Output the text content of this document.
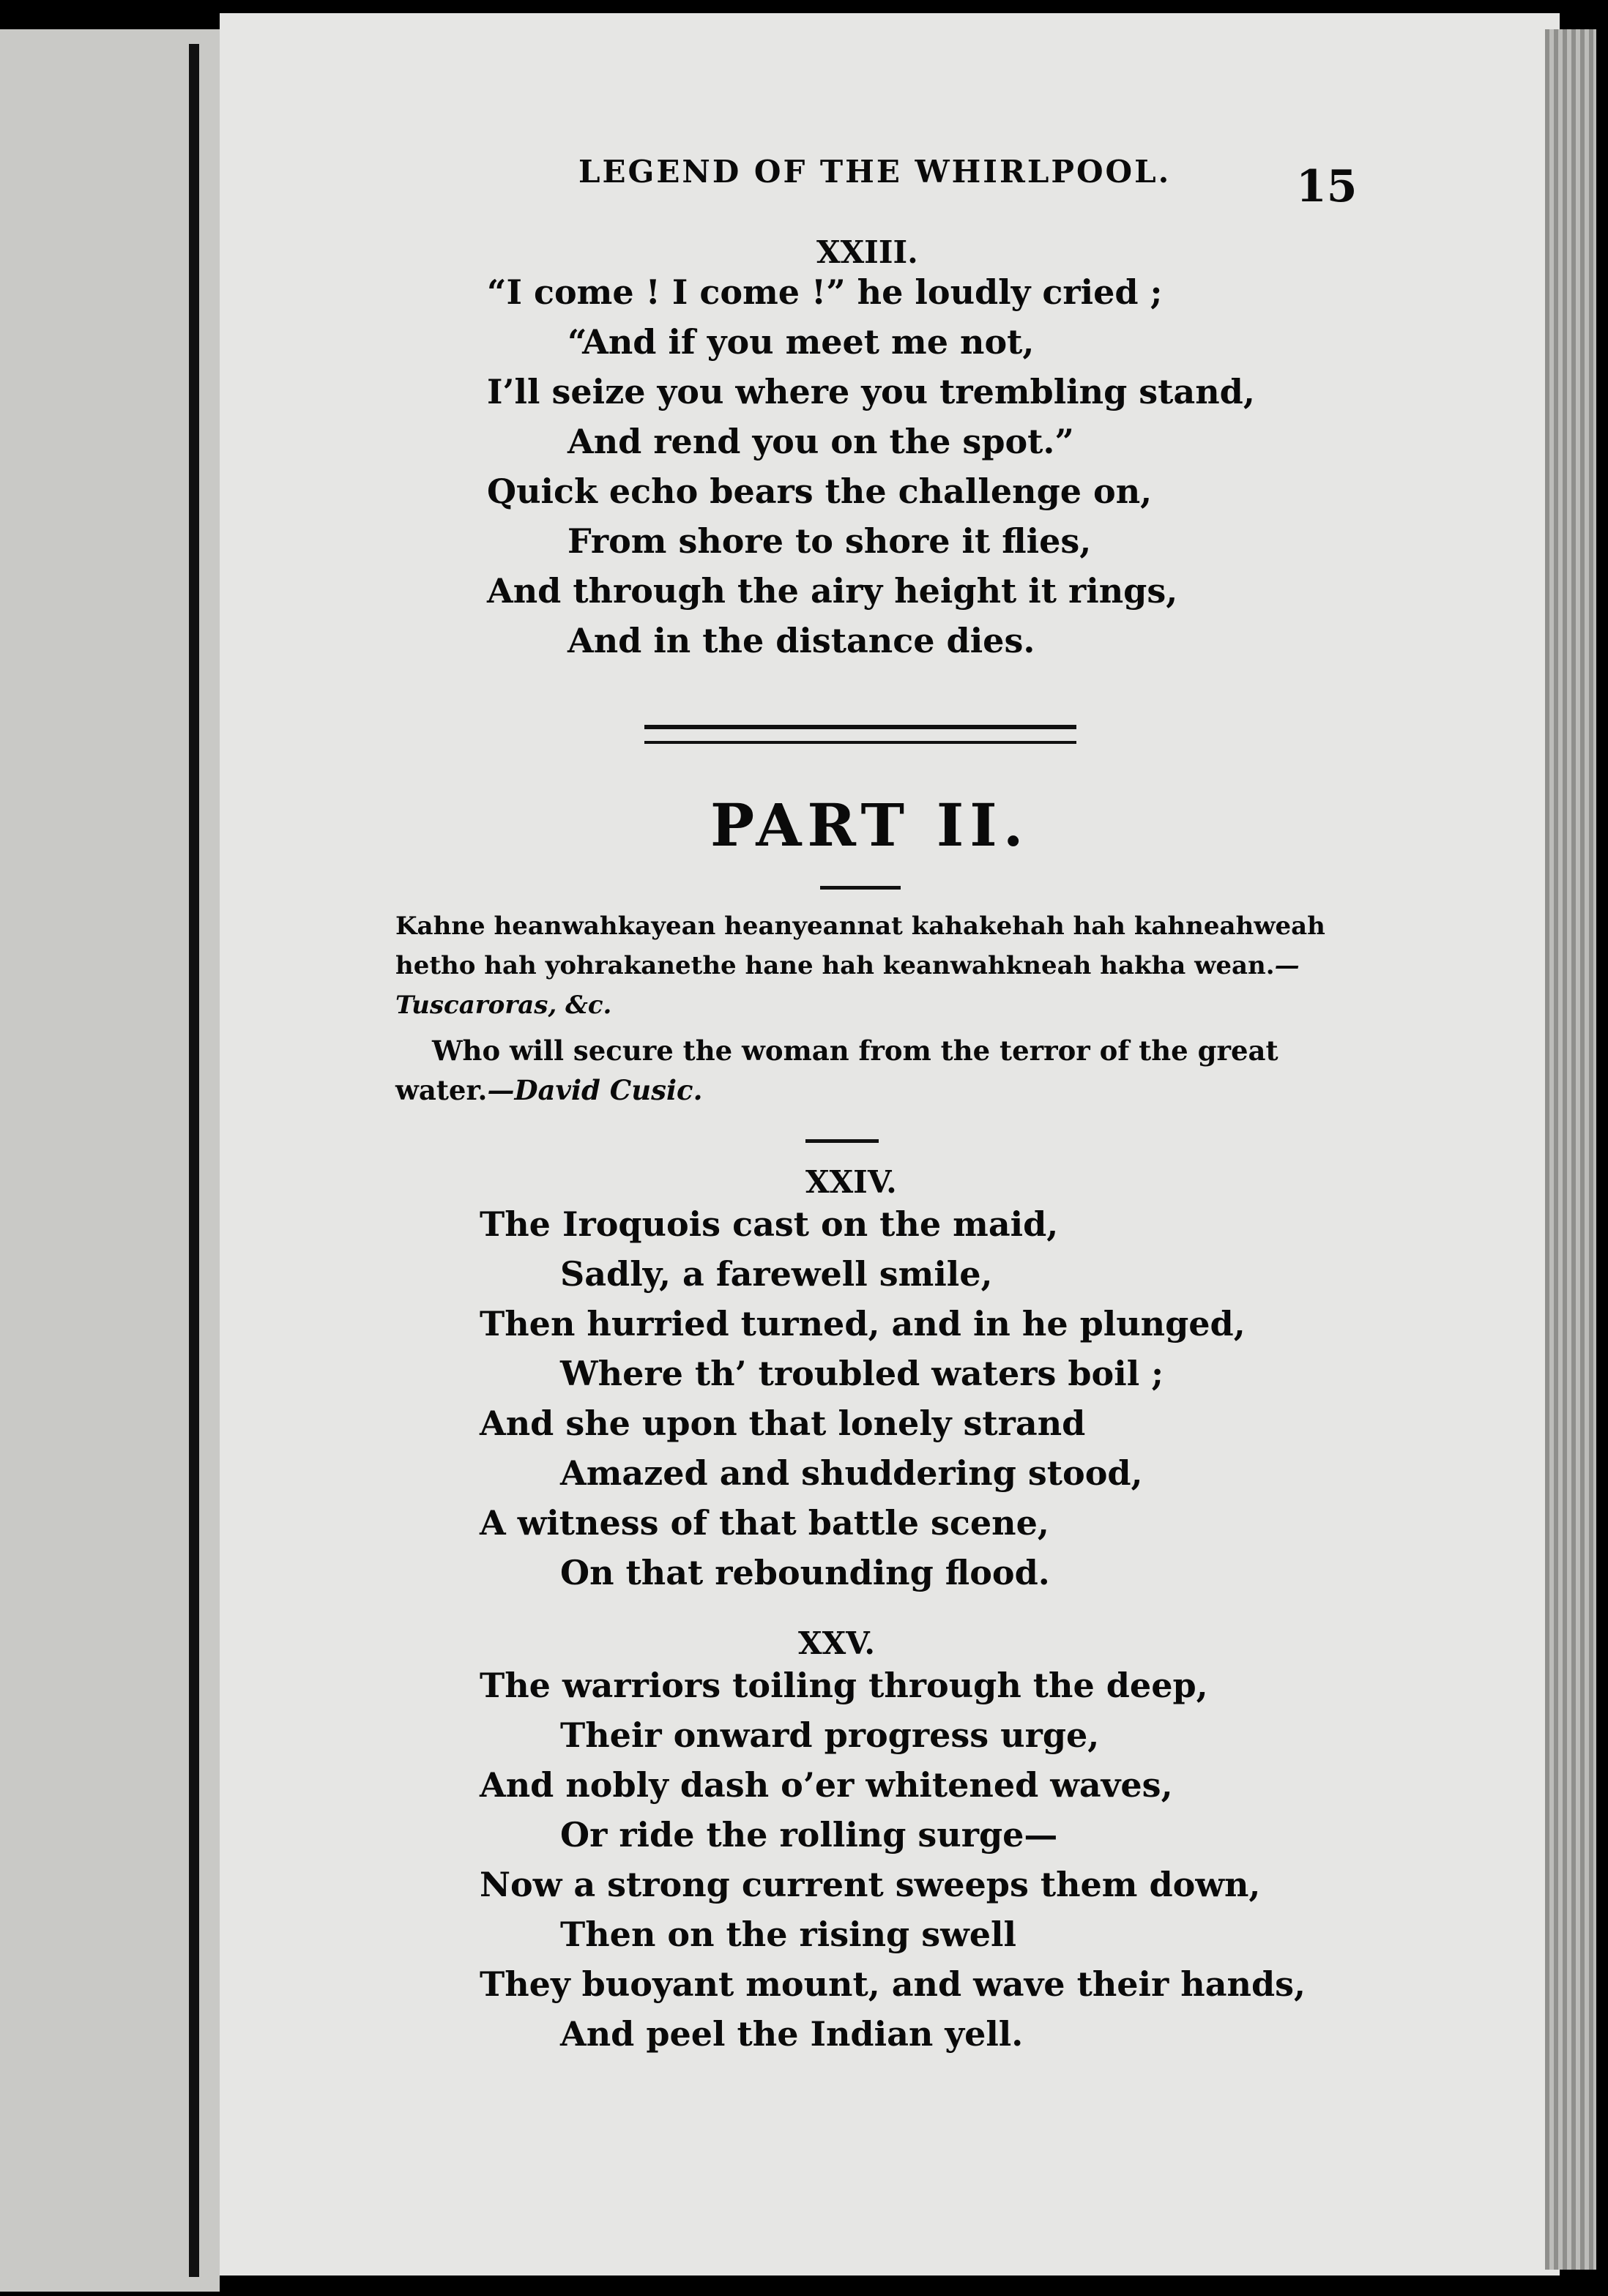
LEGEND OF THE WHIRLPOOL.	15
XXIII.
“I come ! I come !” he loudly cried ;
“And if you meet me not,
I’ll seize you where you trembling stand,
And rend you on the spot.”
Quick echo bears the challenge on,
From shore to shore it flies,
And through the airy height it rings,
And in the distance dies.
PART II.
Kahne heanwahkayean heanyeannat kahakehah hah kahneahweah hetho hah yohrakanethe hane hah keanwahkneah hakha wean.—Tuscaroras, &c.
Who will secure the woman from the terror of the great water.—David Cusic.
XXIV.
The Iroquois cast on the maid,
Sadly, a farewell smile,
Then hurried turned, and in he plunged,
Where th’ troubled waters boil ;
And she upon that lonely strand
Amazed and shuddering stood,
A witness of that battle scene,
On that rebounding flood.
XXV.
The warriors toiling through the deep,
Their onward progress urge,
And nobly dash o’er whitened waves,
Or ride the rolling surge—
Now a strong current sweeps them down,
Then on the rising swell
They buoyant mount, and wave their hands,
And peel the Indian yell.
